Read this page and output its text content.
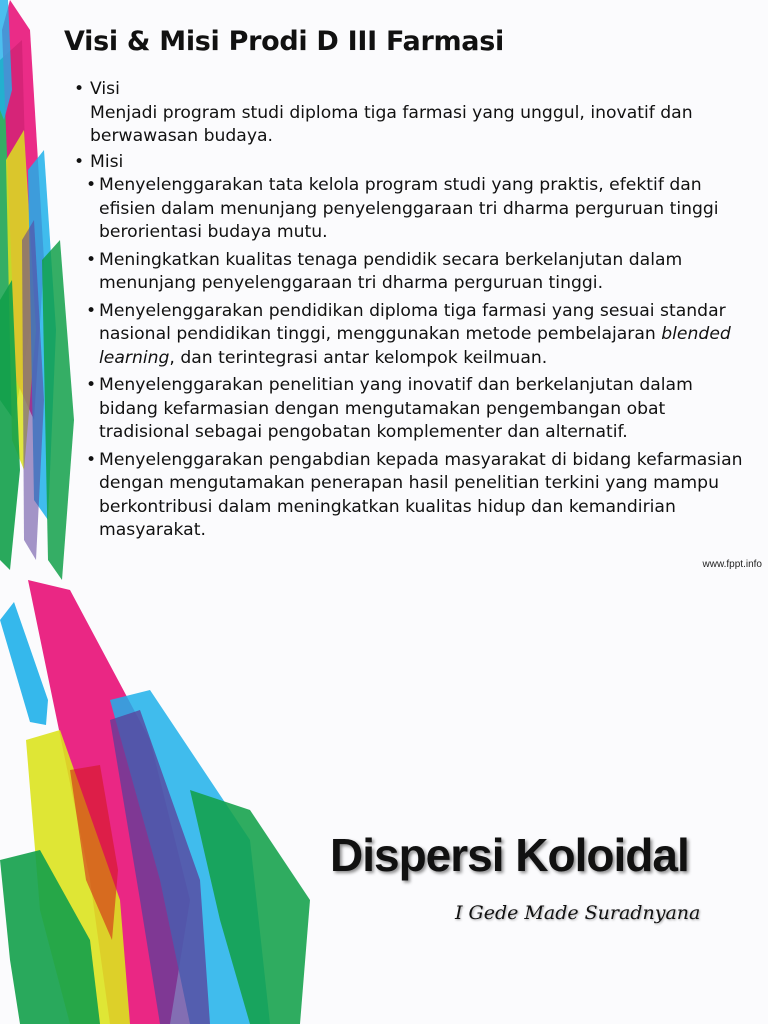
Visi & Misi Prodi D III Farmasi
• Visi
Menjadi program studi diploma tiga farmasi yang unggul, inovatif dan berwawasan budaya.
• Misi
• Menyelenggarakan tata kelola program studi yang praktis, efektif dan efisien dalam menunjang penyelenggaraan tri dharma perguruan tinggi berorientasi budaya mutu.
• Meningkatkan kualitas tenaga pendidik secara berkelanjutan dalam menunjang penyelenggaraan tri dharma perguruan tinggi.
• Menyelenggarakan pendidikan diploma tiga farmasi yang sesuai standar nasional pendidikan tinggi, menggunakan metode pembelajaran blended learning, dan terintegrasi antar kelompok keilmuan.
• Menyelenggarakan penelitian yang inovatif dan berkelanjutan dalam bidang kefarmasian dengan mengutamakan pengembangan obat tradisional sebagai pengobatan komplementer dan alternatif.
• Menyelenggarakan pengabdian kepada masyarakat di bidang kefarmasian dengan mengutamakan penerapan hasil penelitian terkini yang mampu berkontribusi dalam meningkatkan kualitas hidup dan kemandirian masyarakat.
www.fppt.info
Dispersi Koloidal
I Gede Made Suradnyana
